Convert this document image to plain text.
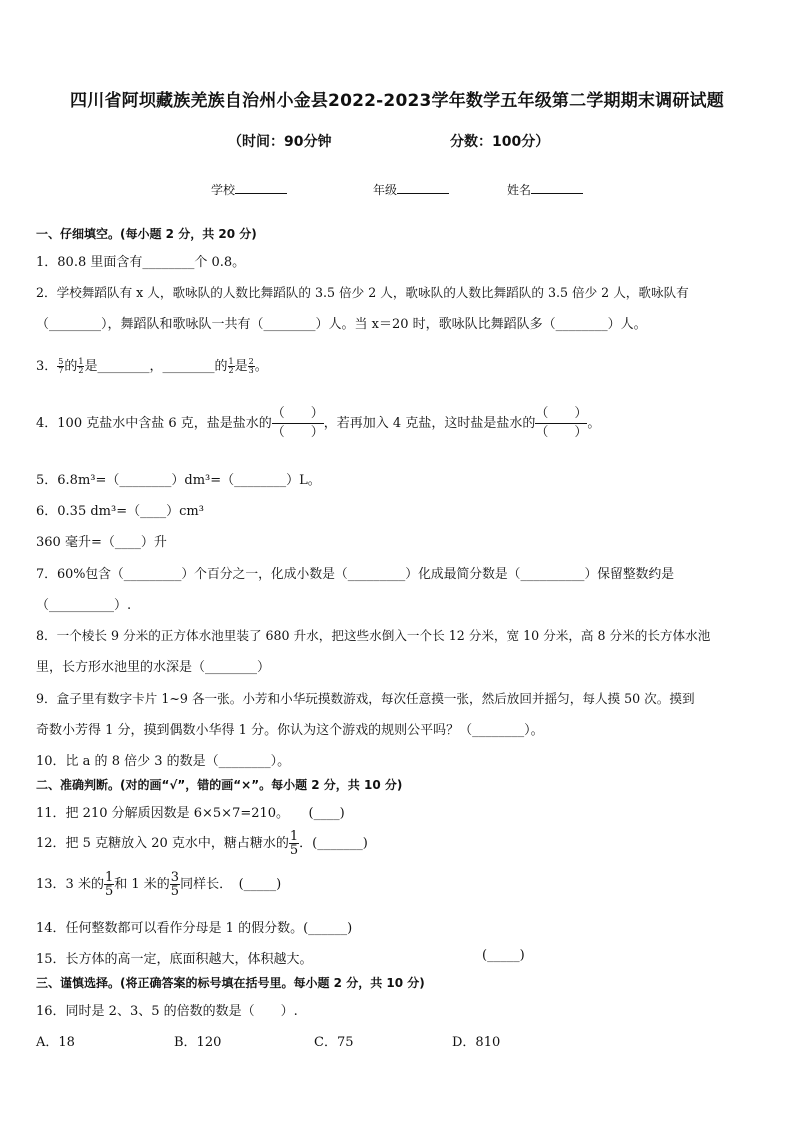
四川省阿坝藏族羌族自治州小金县2022-2023学年数学五年级第二学期期末调研试题
（时间：90分钟	分数：100分）
学校	年级	姓名
一、仔细填空。(每小题 2 分，共 20 分)
1．80.8 里面含有________个 0.8。
2．学校舞蹈队有 x 人，歌咏队的人数比舞蹈队的 3.5 倍少 2 人，歌咏队的人数比舞蹈队的 3.5 倍少 2 人，歌咏队有
（________），舞蹈队和歌咏队一共有（________）人。当 x＝20 时，歌咏队比舞蹈队多（________）人。
3． $\frac{5}{7}$ 的 $\frac{1}{2}$ 是________，________的 $\frac{1}{2}$ 是 $\frac{2}{3}$ 。
4．100 克盐水中含盐 6 克，盐是盐水的
（　　）
（　　）
，若再加入 4 克盐，这时盐是盐水的
（　　）
（　　）
。
5．6.8m³=（________）dm³=（________）L。
6．0.35 dm³=（____）cm³
360 毫升=（____）升
7．60%包含（_________）个百分之一，化成小数是（_________）化成最简分数是（__________）保留整数约是
（__________）.
8．一个棱长 9 分米的正方体水池里装了 680 升水，把这些水倒入一个长 12 分米，宽 10 分米，高 8 分米的长方体水池
里，长方形水池里的水深是（________）
9．盒子里有数字卡片 1~9 各一张。小芳和小华玩摸数游戏，每次任意摸一张，然后放回并摇匀，每人摸 50 次。摸到
奇数小芳得 1 分，摸到偶数小华得 1 分。你认为这个游戏的规则公平吗？（________）。
10．比 a 的 8 倍少 3 的数是（________）。
二、准确判断。(对的画“√”，错的画“×”。每小题 2 分，共 10 分)
11．把 210 分解质因数是 6×5×7=210。　　(____)
12．把 5 克糖放入 20 克水中，糖占糖水的 $\frac{1}{5}$ ．(_______)
13．3 米的 $\frac{1}{5}$ 和 1 米的 $\frac{3}{5}$ 同样长．　(_____)
14．任何整数都可以看作分母是 1 的假分数。(______)
15．长方体的高一定，底面积越大，体积越大。	(_____)
三、谨慎选择。(将正确答案的标号填在括号里。每小题 2 分，共 10 分)
16．同时是 2、3、5 的倍数的数是（　　）.
A．18	B．120	C．75	D．810
